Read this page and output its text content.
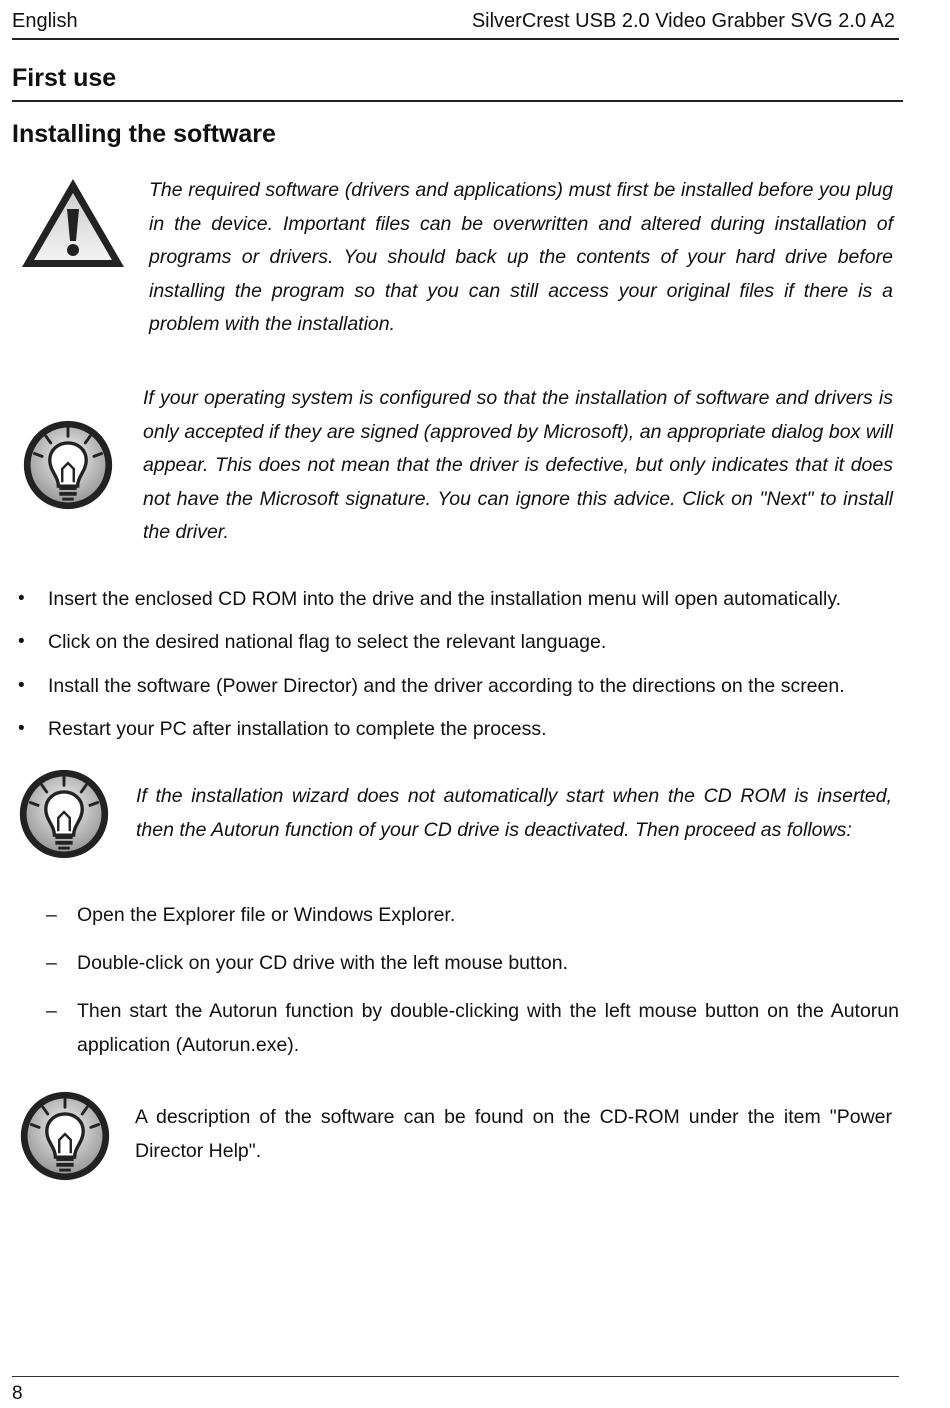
English	SilverCrest USB 2.0 Video Grabber SVG 2.0 A2
First use
Installing the software
The required software (drivers and applications) must first be installed before you plug in the device. Important files can be overwritten and altered during installation of programs or drivers. You should back up the contents of your hard drive before installing the program so that you can still access your original files if there is a problem with the installation.
If your operating system is configured so that the installation of software and drivers is only accepted if they are signed (approved by Microsoft), an appropriate dialog box will appear. This does not mean that the driver is defective, but only indicates that it does not have the Microsoft signature. You can ignore this advice. Click on "Next" to install the driver.
• Insert the enclosed CD ROM into the drive and the installation menu will open automatically.
• Click on the desired national flag to select the relevant language.
• Install the software (Power Director) and the driver according to the directions on the screen.
• Restart your PC after installation to complete the process.
If the installation wizard does not automatically start when the CD ROM is inserted, then the Autorun function of your CD drive is deactivated. Then proceed as follows:
– Open the Explorer file or Windows Explorer.
– Double-click on your CD drive with the left mouse button.
– Then start the Autorun function by double-clicking with the left mouse button on the Autorun application (Autorun.exe).
A description of the software can be found on the CD-ROM under the item "Power Director Help".
8
